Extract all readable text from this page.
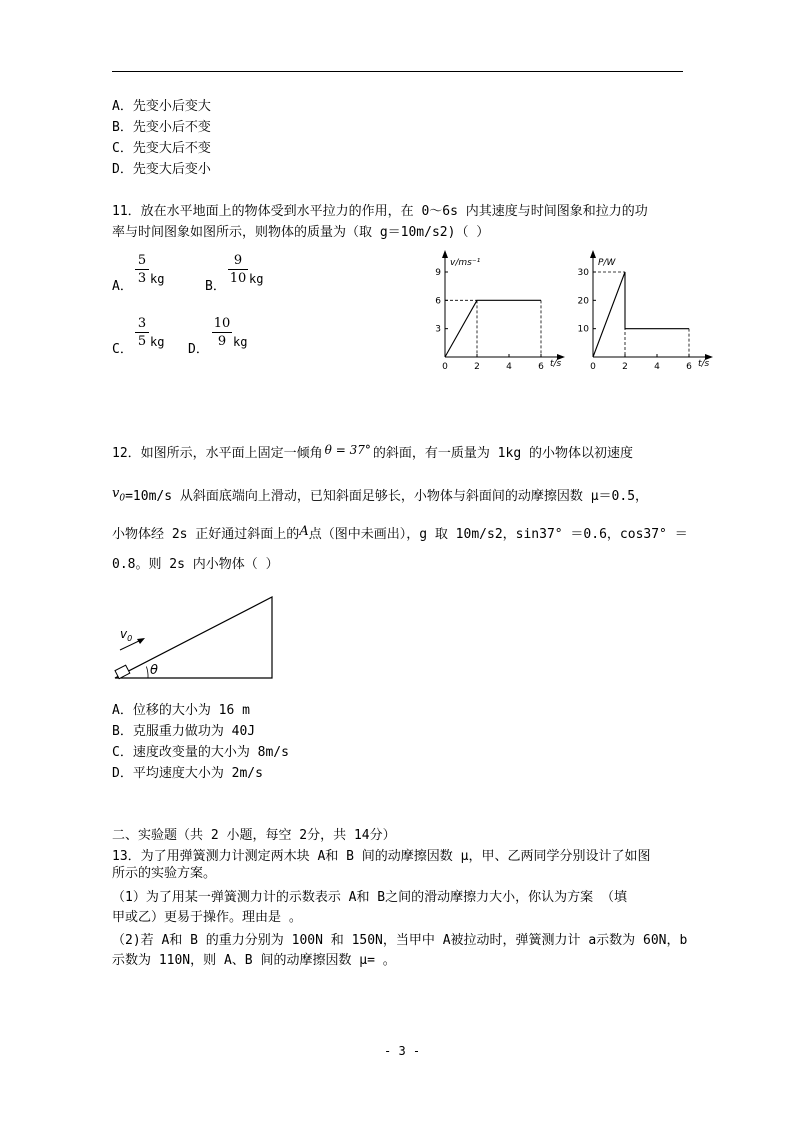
A．先变小后变大
B．先变小后不变
C．先变大后不变
D．先变大后变小
11．放在水平地面上的物体受到水平拉力的作用，在 0～6s 内其速度与时间图象和拉力的功
率与时间图象如图所示，则物体的质量为（取 g＝10m/s2)（ ）
A．
5
3 kg	B．
9
10 kg
C．
3
5 kg D．
10
9 kg
v/ms⁻¹
t/s
0	2	4	6
3
6
9
P/W
t/s
0	2	4	6
10
20
30
12．如图所示，水平面上固定一倾角 θ = 37° 的斜面，有一质量为 1kg 的小物体以初速度
$v_0=10m/s$ 从斜面底端向上滑动，已知斜面足够长，小物体与斜面间的动摩擦因数 μ＝0.5，
小物体经 2s 正好通过斜面上的A点（图中未画出），g 取 10m/s2，sin37° ＝0.6，cos37° ＝
0.8。则 2s 内小物体（ ）
θ
$v_0$
A．位移的大小为 16 m
B．克服重力做功为 40J
C．速度改变量的大小为 8m/s
D．平均速度大小为 2m/s
二、实验题（共 2 小题，每空 2分，共 14分）
13．为了用弹簧测力计测定两木块 A和 B 间的动摩擦因数 μ，甲、乙两同学分别设计了如图
所示的实验方案。
（1）为了用某一弹簧测力计的示数表示 A和 B之间的滑动摩擦力大小，你认为方案 （填
甲或乙）更易于操作。理由是 。
（2)若 A和 B 的重力分别为 100N 和 150N，当甲中 A被拉动时，弹簧测力计 a示数为 60N，b
示数为 110N，则 A、B 间的动摩擦因数 μ= 。
- 3 -
